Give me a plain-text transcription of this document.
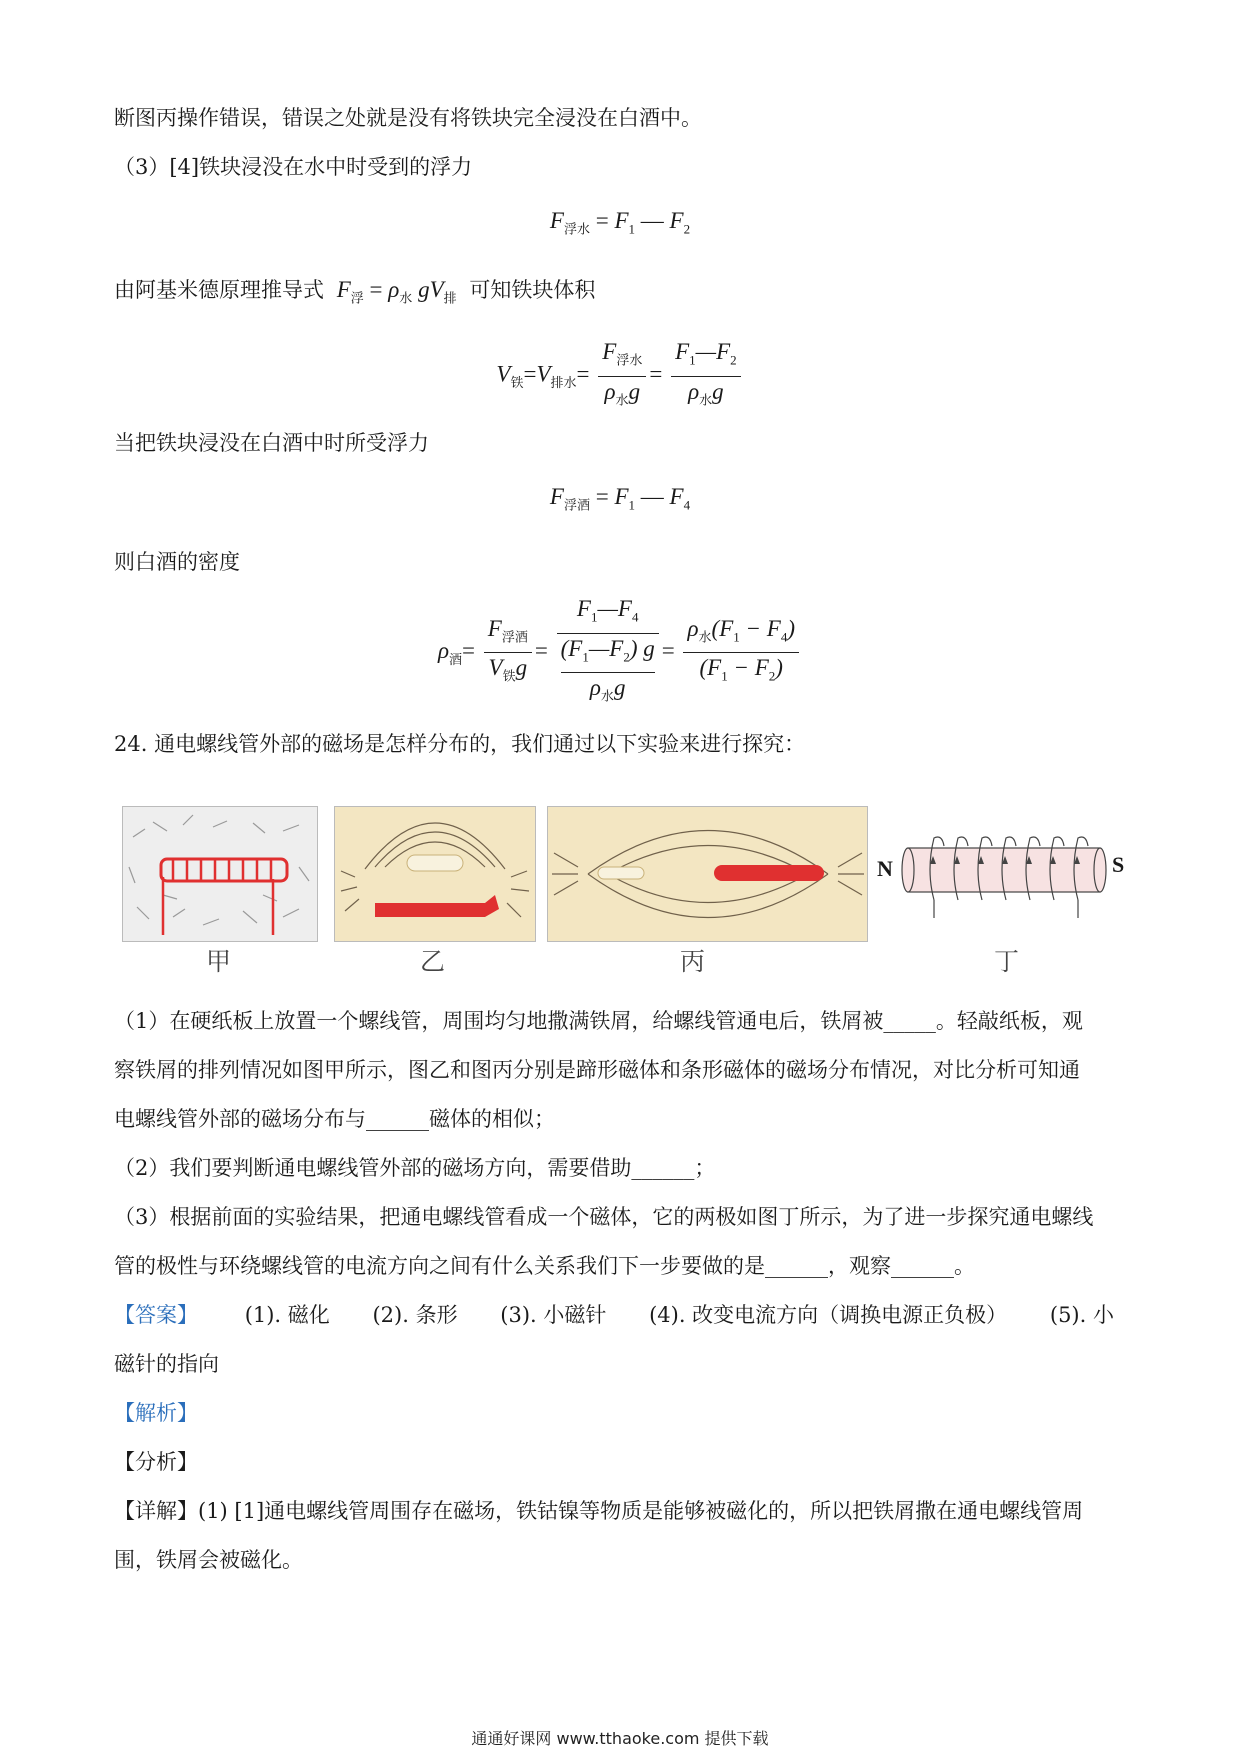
断图丙操作错误，错误之处就是没有将铁块完全浸没在白酒中。
（3）[4]铁块浸没在水中时受到的浮力
$F_{浮水} = F_1$ — $F_2$
由阿基米德原理推导式 $F_浮 = \rho_水$ $gV_排$ 可知铁块体积
$V_铁=V_{排水}= \frac{F_{浮水}}{\rho_水g} = \frac{F_1—F_2}{\rho_水g}$
当把铁块浸没在白酒中时所受浮力
$F_{浮酒} = F_1$ — $F_4$
则白酒的密度
$\rho_酒= \frac{F_{浮酒}}{V_铁g}$ = $F_1—F_4$
$(F_1—F_2)$ g
$\rho_水g = \frac{\rho_水(F_1 - F_4)}{(F_1 - F_2)}$
24. 通电螺线管外部的磁场是怎样分布的，我们通过以下实验来进行探究：
N	S
甲	乙	丙	丁
（1）在硬纸板上放置一个螺线管，周围均匀地撒满铁屑，给螺线管通电后，铁屑被_____。轻敲纸板，观
察铁屑的排列情况如图甲所示，图乙和图丙分别是蹄形磁体和条形磁体的磁场分布情况，对比分析可知通
电螺线管外部的磁场分布与______磁体的相似；
（2）我们要判断通电螺线管外部的磁场方向，需要借助______；
（3）根据前面的实验结果，把通电螺线管看成一个磁体，它的两极如图丁所示，为了进一步探究通电螺线
管的极性与环绕螺线管的电流方向之间有什么关系我们下一步要做的是______，观察______。
【答案】 (1). 磁化 (2). 条形 (3). 小磁针 (4). 改变电流方向（调换电源正负极） (5). 小
磁针的指向
【解析】
【分析】
【详解】(1) [1]通电螺线管周围存在磁场，铁钴镍等物质是能够被磁化的，所以把铁屑撒在通电螺线管周
围，铁屑会被磁化。
通通好课网 www.tthaoke.com 提供下载
